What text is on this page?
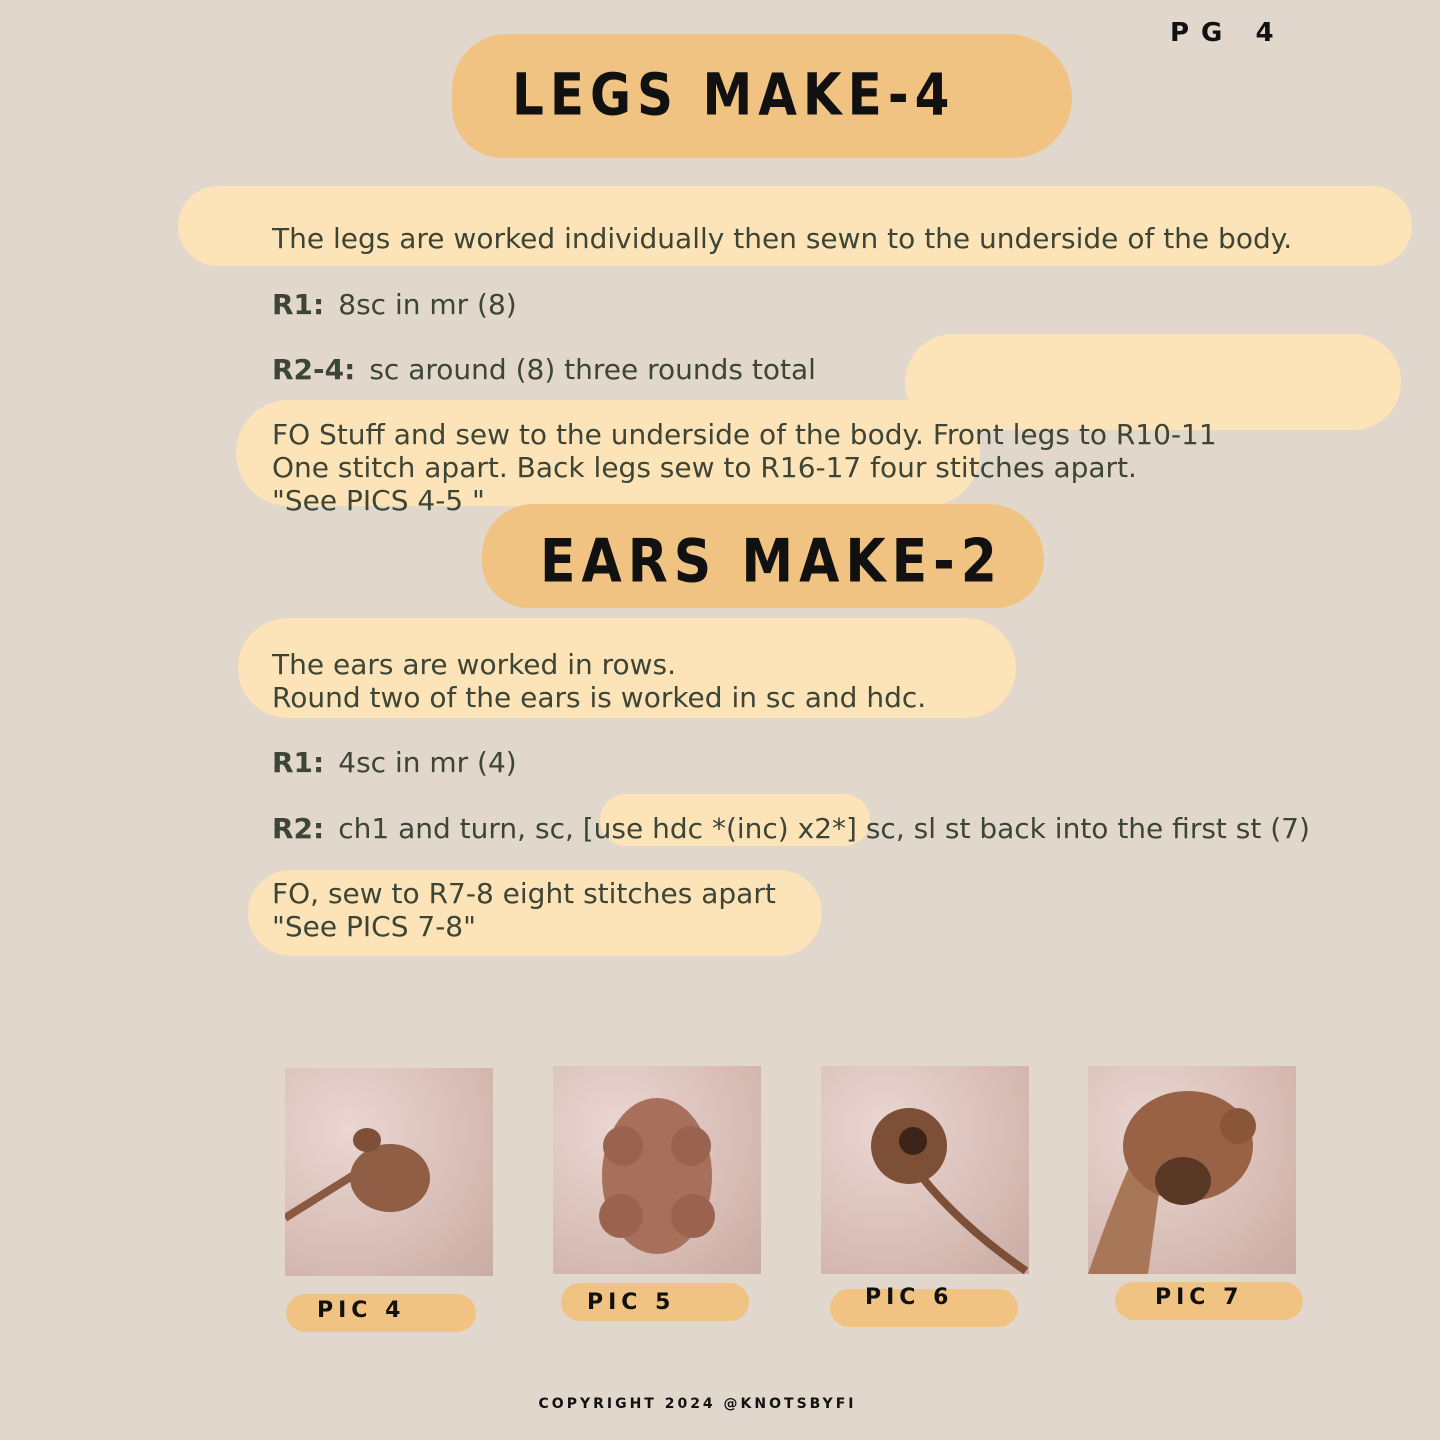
PG 4
LEGS MAKE-4
The legs are worked individually then sewn to the underside of the body.
R1: 8sc in mr (8)
R2-4: sc around (8) three rounds total
FO Stuff and sew to the underside of the body. Front legs to R10-11
One stitch apart. Back legs sew to R16-17 four stitches apart.
"See PICS 4-5 "
EARS MAKE-2
The ears are worked in rows.
Round two of the ears is worked in sc and hdc.
R1: 4sc in mr (4)
R2: ch1 and turn, sc, [use hdc *(inc) x2*] sc, sl st back into the first st (7)
FO, sew to R7-8 eight stitches apart
"See PICS 7-8"
PIC 4	PIC 5	PIC 6	PIC 7
COPYRIGHT 2024 @KNOTSBYFI
